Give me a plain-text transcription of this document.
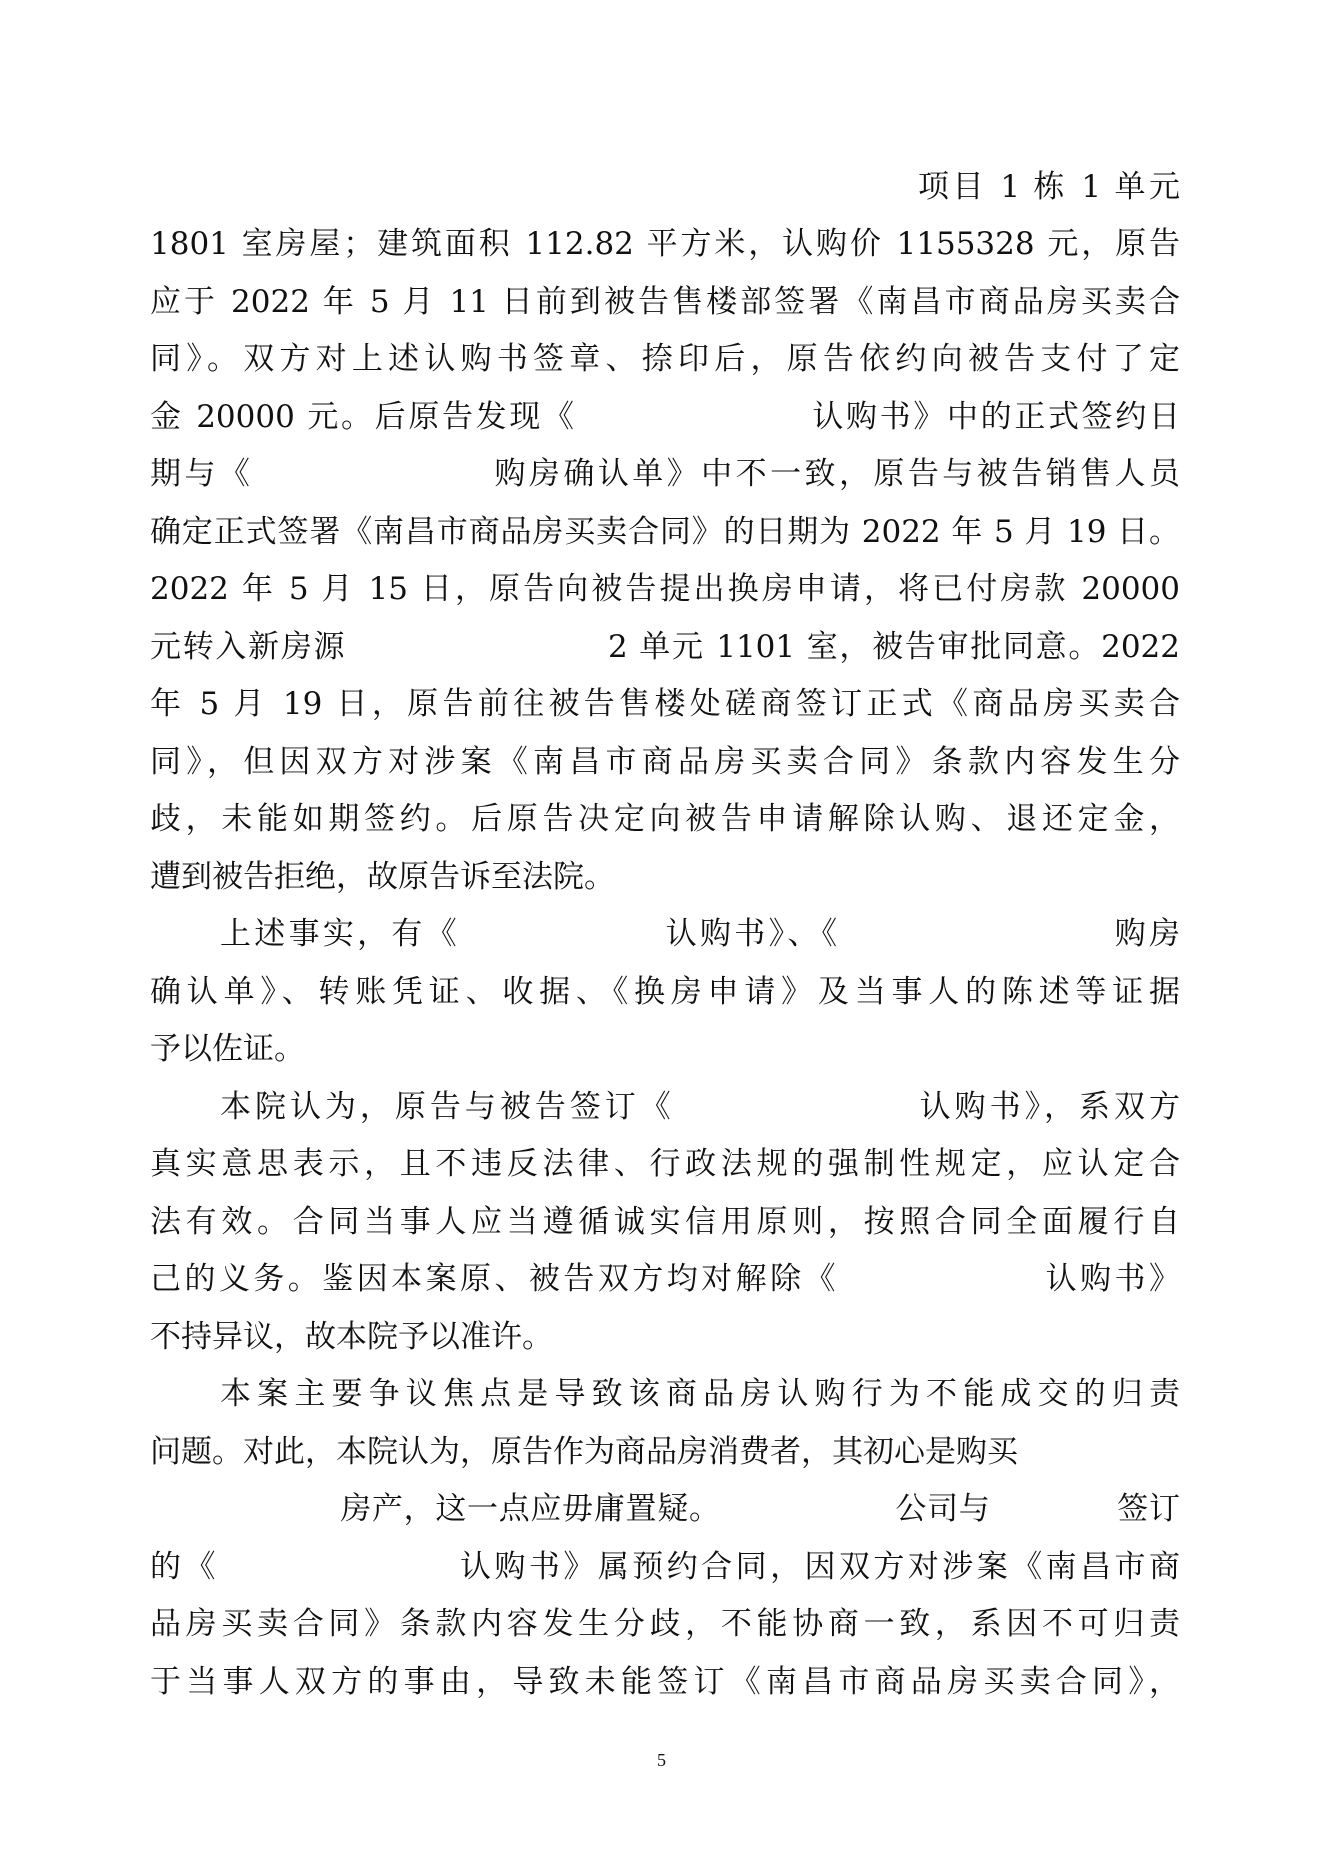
项目 1 栋 1 单元
1801 室房屋；建筑面积 112.82 平方米，认购价 1155328 元，原告
应于 2022 年 5 月 11 日前到被告售楼部签署《南昌市商品房买卖合
同》。双方对上述认购书签章、捺印后，原告依约向被告支付了定
金 20000 元。后原告发现《　　　　　　　认购书》中的正式签约日
期与《　　　　　　　购房确认单》中不一致，原告与被告销售人员
确定正式签署《南昌市商品房买卖合同》的日期为 2022 年 5 月 19 日。
2022 年 5 月 15 日，原告向被告提出换房申请，将已付房款 20000
元转入新房源　　　　　　　　2 单元 1101 室，被告审批同意。2022
年 5 月 19 日，原告前往被告售楼处磋商签订正式《商品房买卖合
同》，但因双方对涉案《南昌市商品房买卖合同》条款内容发生分
歧，未能如期签约。后原告决定向被告申请解除认购、退还定金，
遭到被告拒绝，故原告诉至法院。
上述事实，有《　　　　　　认购书》、《　　　　　　　　购房
确认单》、转账凭证、收据、《换房申请》及当事人的陈述等证据
予以佐证。
本院认为，原告与被告签订《　　　　　　　认购书》，系双方
真实意思表示，且不违反法律、行政法规的强制性规定，应认定合
法有效。合同当事人应当遵循诚实信用原则，按照合同全面履行自
己的义务。鉴因本案原、被告双方均对解除《　　　　　　认购书》
不持异议，故本院予以准许。
本案主要争议焦点是导致该商品房认购行为不能成交的归责
问题。对此，本院认为，原告作为商品房消费者，其初心是购买
　　　　　　房产，这一点应毋庸置疑。　　　　　　公司与　　　　签订
的《　　　　　　　认购书》属预约合同，因双方对涉案《南昌市商
品房买卖合同》条款内容发生分歧，不能协商一致，系因不可归责
于当事人双方的事由，导致未能签订《南昌市商品房买卖合同》，
5
